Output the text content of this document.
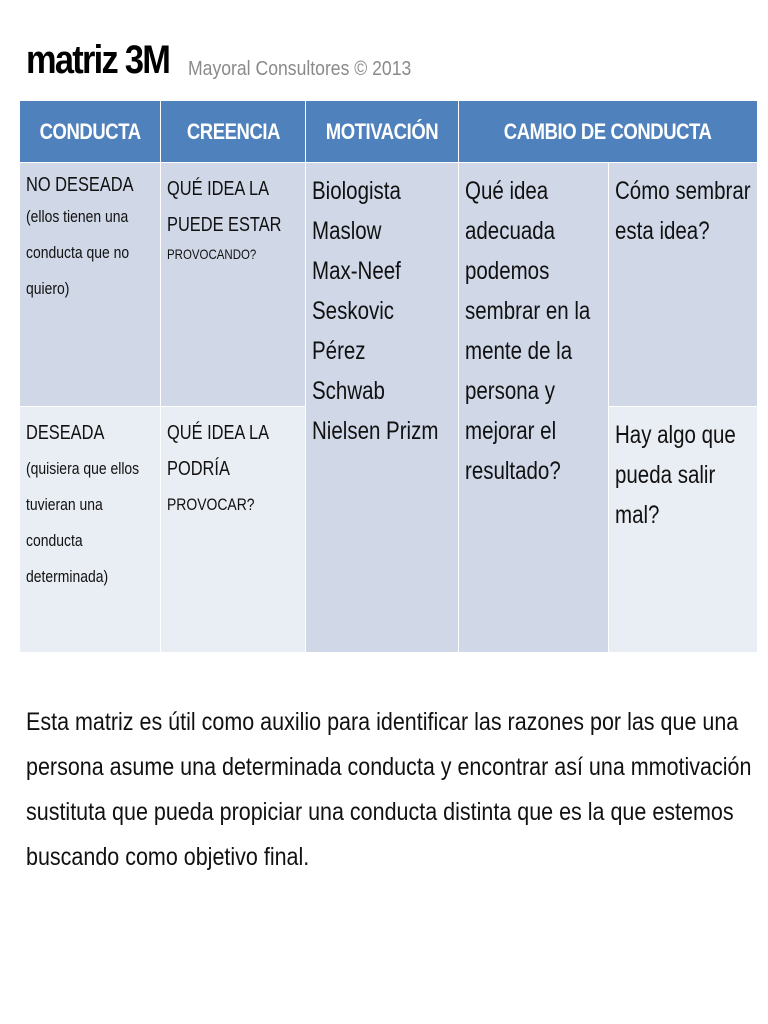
matriz 3M Mayoral Consultores © 2013
CONDUCTA CREENCIA MOTIVACIÓN	CAMBIO DE CONDUCTA
NO DESEADA
(ellos tienen una conducta que no quiero)
QUÉ IDEA LA PUEDE ESTAR
PROVOCANDO?
Biologista
Maslow
Max-Neef
Seskovic
Pérez
Schwab
Nielsen Prizm
Qué idea adecuada podemos sembrar en la mente de la persona y mejorar el resultado?
Cómo sembrar esta idea?
DESEADA
(quisiera que ellos tuvieran una conducta determinada)
QUÉ IDEA LA PODRÍA
PROVOCAR?
Hay algo que pueda salir mal?
Esta matriz es útil como auxilio para identificar las razones por las que una persona asume una determinada conducta y encontrar así una mmotivación sustituta que pueda propiciar una conducta distinta que es la que estemos buscando como objetivo final.
